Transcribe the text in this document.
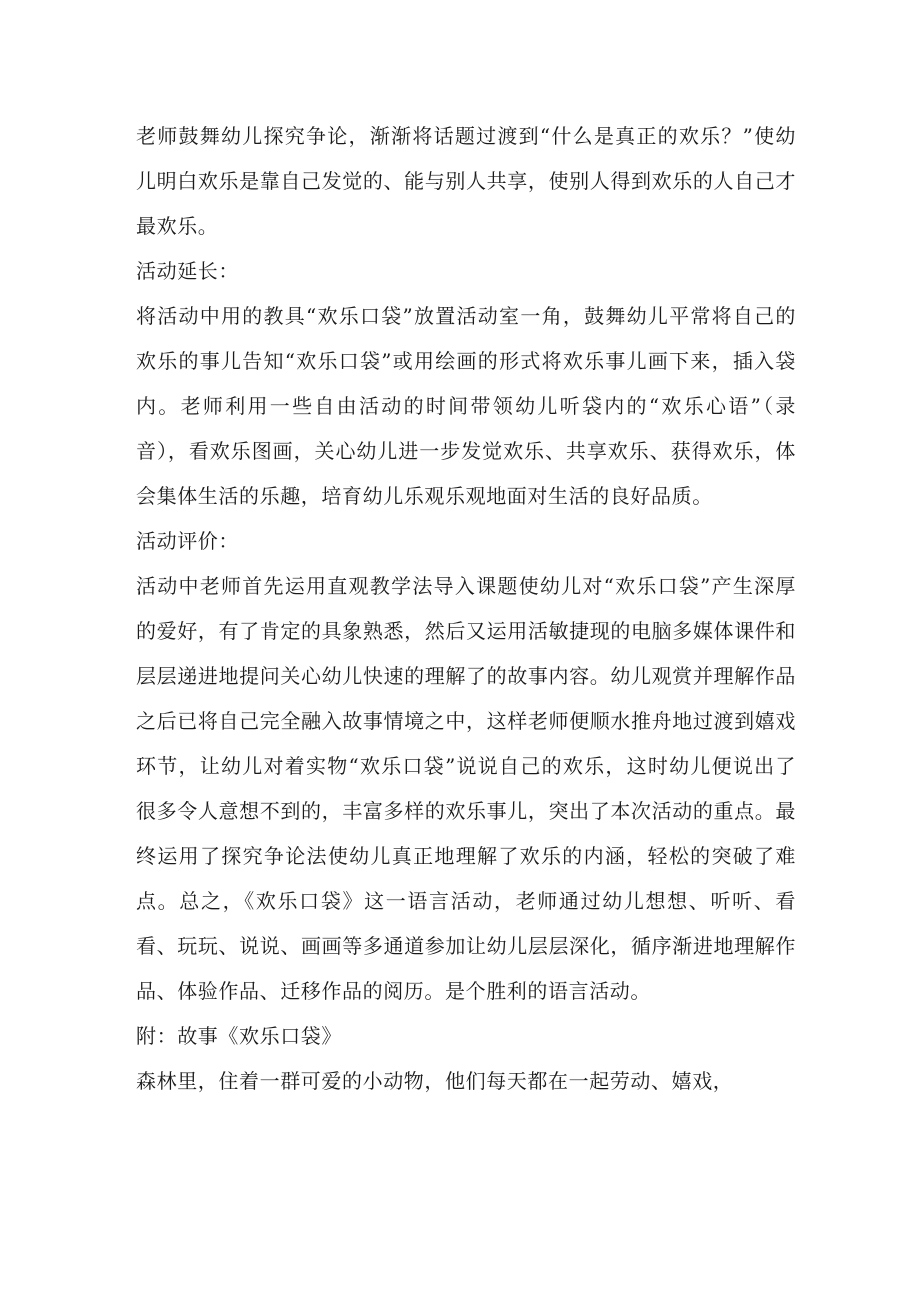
老师鼓舞幼儿探究争论，渐渐将话题过渡到“什么是真正的欢乐？”使幼儿明白欢乐是靠自己发觉的、能与别人共享，使别人得到欢乐的人自己才最欢乐。

活动延长：

将活动中用的教具“欢乐口袋”放置活动室一角，鼓舞幼儿平常将自己的欢乐的事儿告知“欢乐口袋”或用绘画的形式将欢乐事儿画下来，插入袋内。老师利用一些自由活动的时间带领幼儿听袋内的“欢乐心语”（录音），看欢乐图画，关心幼儿进一步发觉欢乐、共享欢乐、获得欢乐，体会集体生活的乐趣，培育幼儿乐观乐观地面对生活的良好品质。

活动评价：

活动中老师首先运用直观教学法导入课题使幼儿对“欢乐口袋”产生深厚的爱好，有了肯定的具象熟悉，然后又运用活敏捷现的电脑多媒体课件和层层递进地提问关心幼儿快速的理解了的故事内容。幼儿观赏并理解作品之后已将自己完全融入故事情境之中，这样老师便顺水推舟地过渡到嬉戏环节，让幼儿对着实物“欢乐口袋”说说自己的欢乐，这时幼儿便说出了很多令人意想不到的，丰富多样的欢乐事儿，突出了本次活动的重点。最终运用了探究争论法使幼儿真正地理解了欢乐的内涵，轻松的突破了难点。总之，《欢乐口袋》这一语言活动，老师通过幼儿想想、听听、看看、玩玩、说说、画画等多通道参加让幼儿层层深化，循序渐进地理解作品、体验作品、迁移作品的阅历。是个胜利的语言活动。

附：故事《欢乐口袋》

森林里，住着一群可爱的小动物，他们每天都在一起劳动、嬉戏，
